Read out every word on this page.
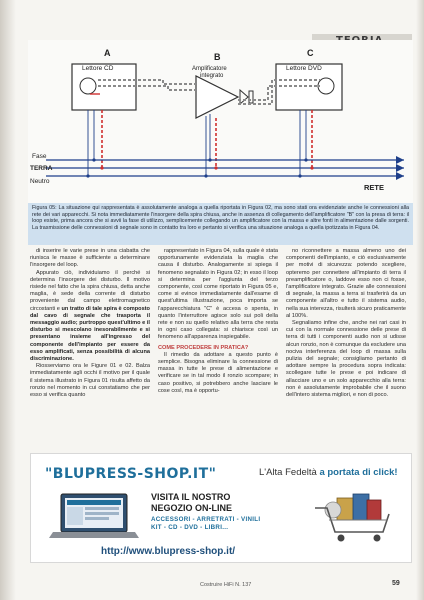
A	B	C
Lettore CD	Amplificatore
integrato
Lettore DVD
Fase
TERRA
Neutro
RETE
Figura 05: La situazione qui rappresentata è assolutamente analoga a quella riportata in Figura 02, ma sono stati ora evidenziate anche le connessioni alla rete dei vari apparecchi. Si nota immediatamente l'insorgere della spira chiusa, anche in assenza di collegamento dell'amplificatore "B" con la presa di terra: il loop esiste, prima ancora che si avvii la fase di utilizzo, semplicemente collegando un amplificatore con la massa e altre fonti in alimentazione dalle sorgenti. La trasmissione delle connessioni di segnale sono in contatto tra loro e pertanto si verifica una situazione analoga a quella ipotizzata in Figura 04.

di inserire le varie prese in una ciabatta che riunisca le masse è sufficiente a determinare l'insorgere del loop.

Appurato ciò, individuiamo il perché si determina l'insorgere dei disturbo. Il motivo risiede nel fatto che la spira chiusa, detta anche maglia, è sede della corrente di disturbo proveniente dal campo elettromagnetico circostanti e un tratto di tale spira è composto dal cavo di segnale che trasporta il messaggio audio; purtroppo quest'ultimo e il disturbo si mescolano inesorabilmente e si presentano insieme all'ingresso del componente dell'impianto per essere da esso amplificati, senza possibilità di alcuna discriminazione.

Riosserviamo ora le Figure 01 e 02. Balza immediatamente agli occhi il motivo per il quale il sistema illustrato in Figura 01 risulta affetto da ronzio nel momento in cui constatiamo che per esso si verifica quanto

rappresentato in Figura 04, sulla quale è stata opportunamente evidenziata la maglia che causa il disturbo. Analogamente si spiega il fenomeno segnalato in Figura 02; in esso il loop si determina per l'aggiunta del terzo componente, così come riportato in Figura 05 e, come si evince immediatamente dall'esame di quest'ultima illustrazione, poca importa se l'apparecchiatura "C" è accesa o spenta, in quanto l'interruttore agisce solo sui poli della rete e non su quello relativo alla terra che resta in ogni caso collegata: si chiarisce così un fenomeno all'apparenza inspiegabile.

COME PROCEDERE IN PRATICA?

Il rimedio da adottare a questo punto è semplice. Bisogna eliminare la connessione di massa in tutte le prese di alimentazione e verificare se in tal modo il ronzio scompare; in caso positivo, si potrebbero anche lasciare le cose così, ma è opportu-

no riconnettere a massa almeno uno dei componenti dell'impianto, e ciò esclusivamente per motivi di sicurezza: potendo scegliere, opteremo per connettere all'impianto di terra il preamplificatore o, laddove esso non ci fosse, l'amplificatore integrato. Grazie alle connessioni di segnale, la massa a terra si trasferirà da un componente all'altro e tutto il sistema audio, nella sua interezza, risulterà sicuro praticamente al 100%.

Segnaliamo infine che, anche nei rari casi in cui con la normale connessione delle prese di terra di tutti i componenti audio non si udisse alcun ronzio, non è comunque da escludere una nociva interferenza del loop di massa sulla pulizia del segnale; consigliamo pertanto di adottare sempre la procedura sopra indicata: scollegare tutte le prese e poi indicare di allacciare uno e un solo apparecchio alla terra: non è assolutamente improbabile che il suono dell'intero sistema migliori, e non di poco.

"BLUPRESS-SHOP.IT"	L'Alta Fedeltà a portata di click!
VISITA IL NOSTRO
NEGOZIO ON-LINE
ACCESSORI - ARRETRATI - VINILI
KIT - CD - DVD - LIBRI...
http://www.blupress-shop.it/
Costruire HiFi N. 137	59
